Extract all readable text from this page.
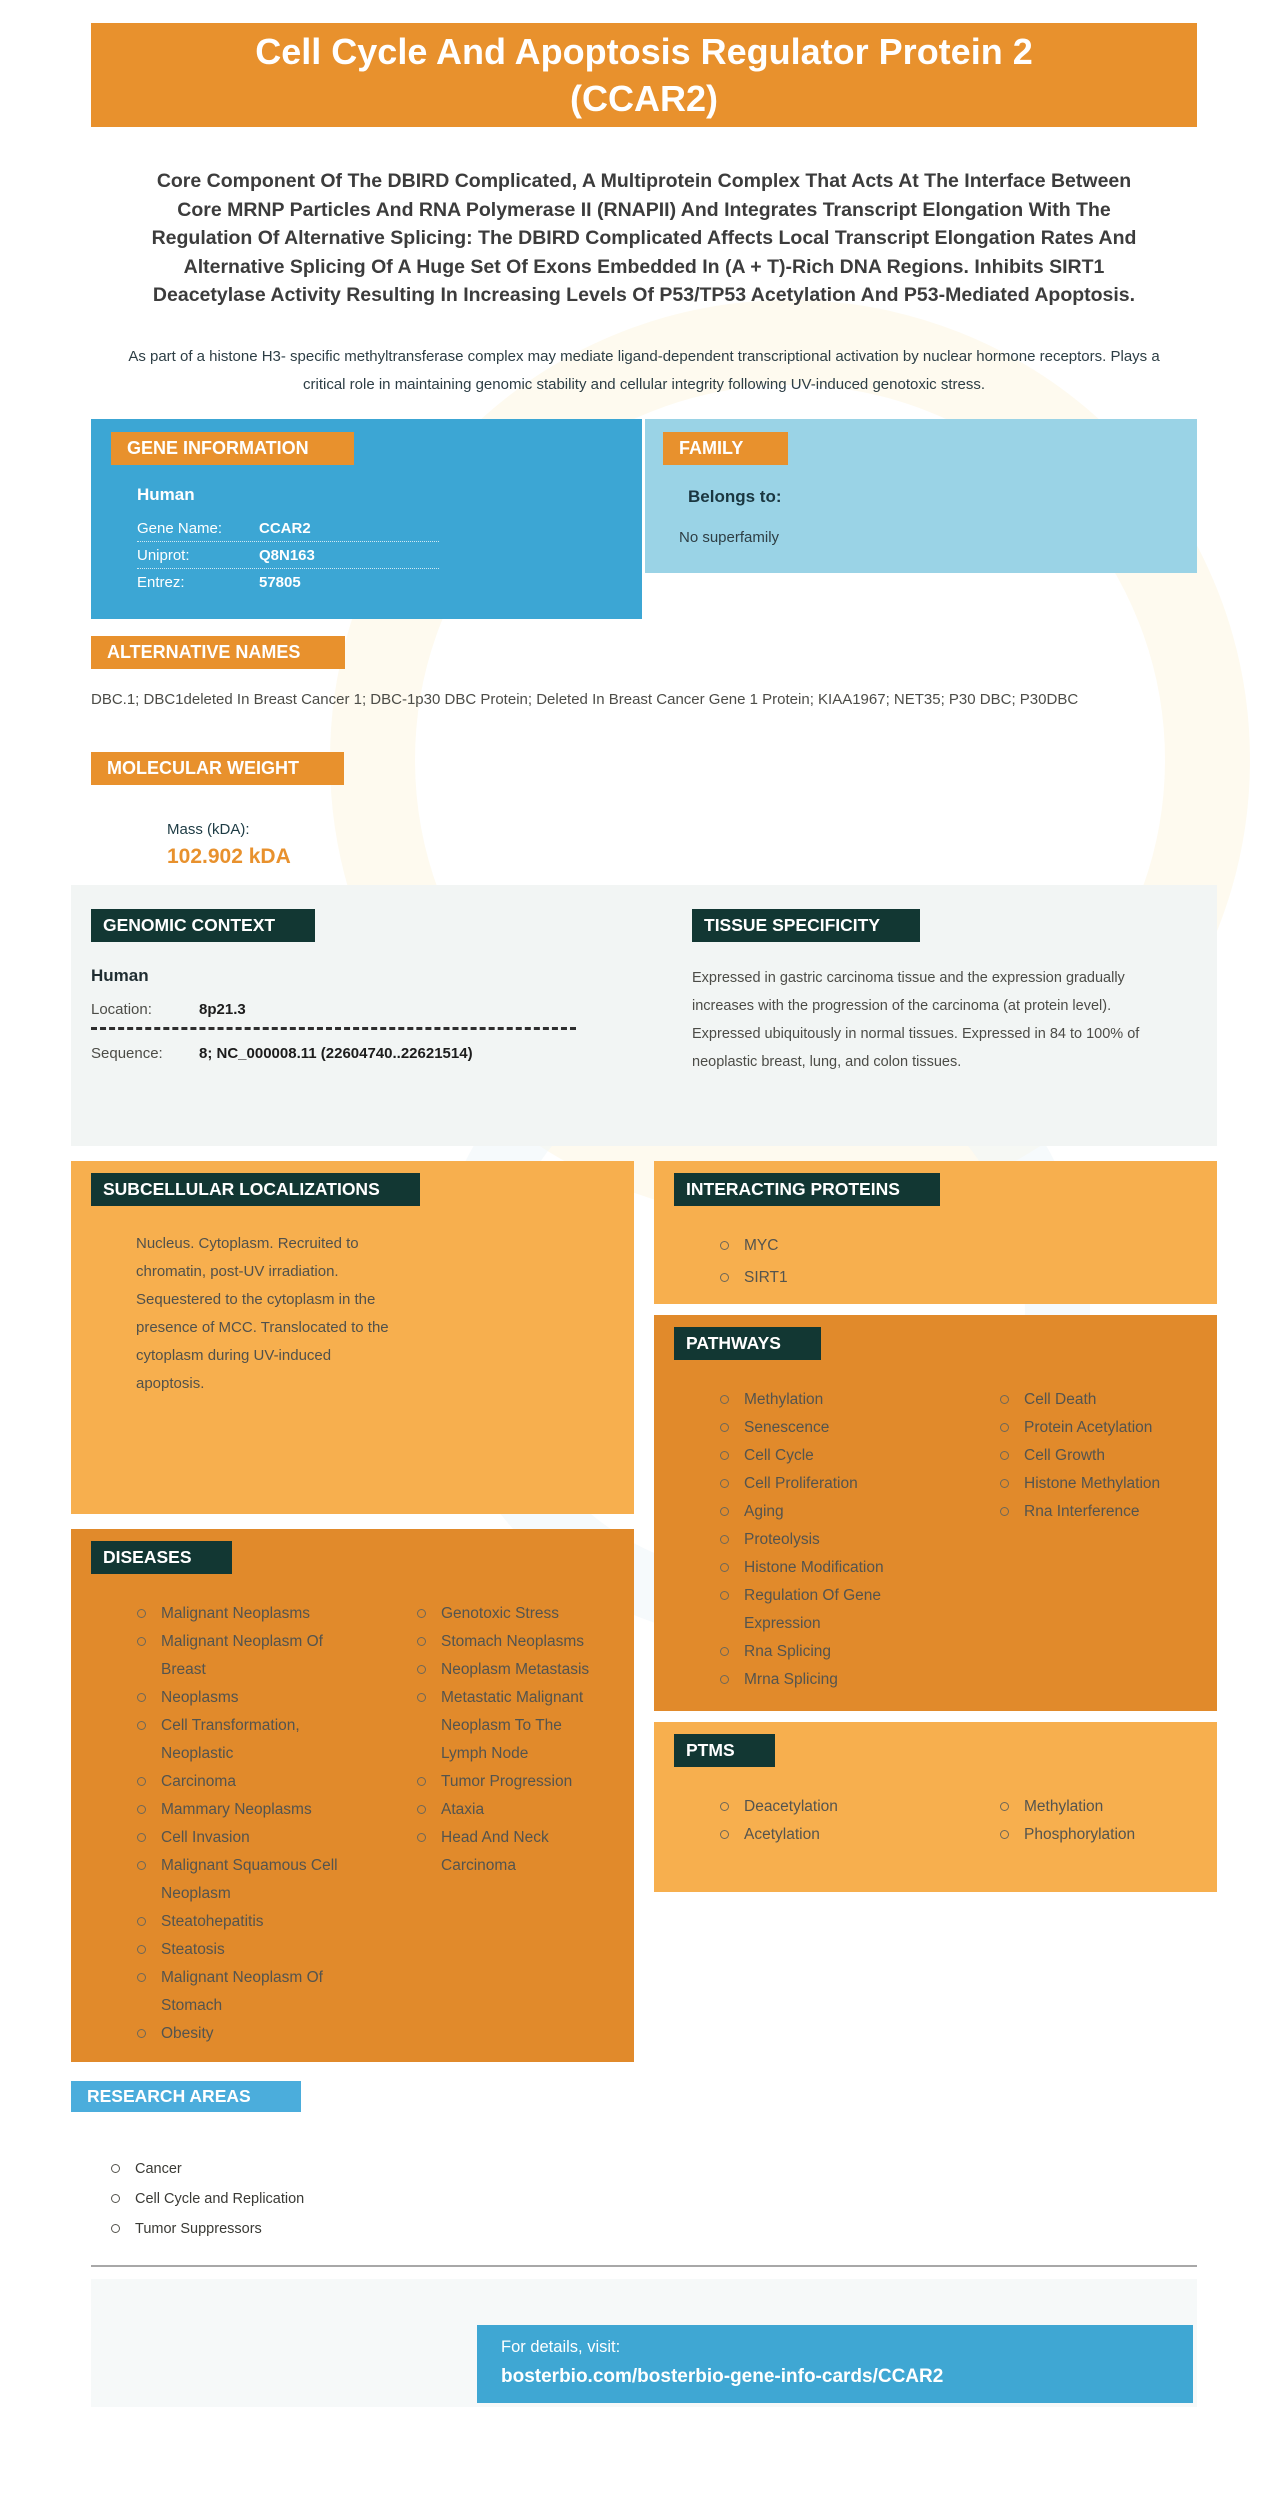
Cell Cycle And Apoptosis Regulator Protein 2 (CCAR2)

Core Component Of The DBIRD Complicated, A Multiprotein Complex That Acts At The Interface Between Core MRNP Particles And RNA Polymerase II (RNAPII) And Integrates Transcript Elongation With The Regulation Of Alternative Splicing: The DBIRD Complicated Affects Local Transcript Elongation Rates And Alternative Splicing Of A Huge Set Of Exons Embedded In (A + T)-Rich DNA Regions. Inhibits SIRT1 Deacetylase Activity Resulting In Increasing Levels Of P53/TP53 Acetylation And P53-Mediated Apoptosis.

As part of a histone H3- specific methyltransferase complex may mediate ligand-dependent transcriptional activation by nuclear hormone receptors. Plays a critical role in maintaining genomic stability and cellular integrity following UV-induced genotoxic stress.

GENE INFORMATION
Human
Gene Name:	CCAR2
Uniprot:	Q8N163
Entrez:	57805
FAMILY
Belongs to:
No superfamily
ALTERNATIVE NAMES

DBC.1; DBC1deleted In Breast Cancer 1; DBC-1p30 DBC Protein; Deleted In Breast Cancer Gene 1 Protein; KIAA1967; NET35; P30 DBC; P30DBC

MOLECULAR WEIGHT
Mass (kDA):
102.902 kDA
GENOMIC CONTEXT
Human
Location:	8p21.3
Sequence:	8; NC_000008.11 (22604740..22621514)
TISSUE SPECIFICITY

Expressed in gastric carcinoma tissue and the expression gradually increases with the progression of the carcinoma (at protein level). Expressed ubiquitously in normal tissues. Expressed in 84 to 100% of neoplastic breast, lung, and colon tissues.

SUBCELLULAR LOCALIZATIONS

Nucleus. Cytoplasm. Recruited to chromatin, post-UV irradiation. Sequestered to the cytoplasm in the presence of MCC. Translocated to the cytoplasm during UV-induced apoptosis.

DISEASES
Malignant Neoplasms
Malignant Neoplasm Of Breast
Neoplasms
Cell Transformation, Neoplastic
Carcinoma
Mammary Neoplasms
Cell Invasion
Malignant Squamous Cell Neoplasm
Steatohepatitis
Steatosis
Malignant Neoplasm Of Stomach
Obesity
Genotoxic Stress
Stomach Neoplasms
Neoplasm Metastasis
Metastatic Malignant Neoplasm To The Lymph Node
Tumor Progression
Ataxia
Head And Neck Carcinoma
RESEARCH AREAS
Cancer
Cell Cycle and Replication
Tumor Suppressors
INTERACTING PROTEINS
MYC
SIRT1
PATHWAYS
Methylation
Senescence
Cell Cycle
Cell Proliferation
Aging
Proteolysis
Histone Modification
Regulation Of Gene Expression
Rna Splicing
Mrna Splicing
Cell Death
Protein Acetylation
Cell Growth
Histone Methylation
Rna Interference
PTMS
Deacetylation
Acetylation
Methylation
Phosphorylation
For details, visit:
bosterbio.com/bosterbio-gene-info-cards/CCAR2
